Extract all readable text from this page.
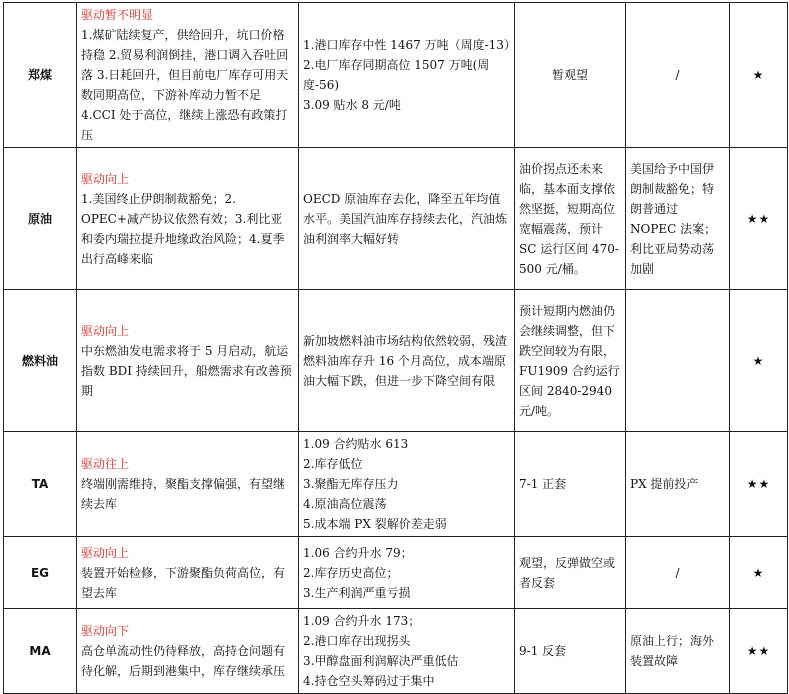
郑煤	驱动暂不明显
1.煤矿陆续复产，供给回升，坑口价格持稳 2.贸易利润倒挂，港口调入吞吐回落 3.日耗回升，但目前电厂库存可用天数同期高位，下游补库动力暂不足 4.CCI 处于高位，继续上涨恐有政策打压	1.港口库存中性 1467 万吨（周度-13）
2.电厂库存同期高位 1507 万吨(周度-56)
3.09 贴水 8 元/吨	暂观望	/	★
原油	驱动向上
1.美国终止伊朗制裁豁免；2. OPEC+减产协议依然有效；3.利比亚和委内瑞拉提升地缘政治风险；4.夏季出行高峰来临	OECD 原油库存去化，降至五年均值水平。美国汽油库存持续去化，汽油炼油利润率大幅好转	油价拐点还未来临，基本面支撑依然坚挺，短期高位宽幅震荡，预计 SC 运行区间 470-500 元/桶。	美国给予中国伊朗制裁豁免；特朗普通过 NOPEC 法案；利比亚局势动荡加剧	★★
燃料油	驱动向上
中东燃油发电需求将于 5 月启动，航运指数 BDI 持续回升，船燃需求有改善预期	新加坡燃料油市场结构依然较弱，残渣燃料油库存升 16 个月高位，成本端原油大幅下跌，但进一步下降空间有限	预计短期内燃油仍会继续调整，但下跌空间较为有限，FU1909 合约运行区间 2840-2940 元/吨。		★
TA	驱动往上
终端刚需维持，聚酯支撑偏强，有望继续去库	1.09 合约贴水 613
2.库存低位
3.聚酯无库存压力
4.原油高位震荡
5.成本端 PX 裂解价差走弱	7-1 正套	PX 提前投产	★★
EG	驱动向上
装置开始检修，下游聚酯负荷高位，有望去库	1.06 合约升水 79；
2.库存历史高位；
3.生产利润严重亏损	观望，反弹做空或者反套	/	★
MA	驱动向下
高仓单流动性仍待释放，高持仓问题有待化解，后期到港集中，库存继续承压	1.09 合约升水 173；
2.港口库存出现拐头
3.甲醇盘面利润解决严重低估
4.持仓空头筹码过于集中	9-1 反套	原油上行；海外装置故障	★★
